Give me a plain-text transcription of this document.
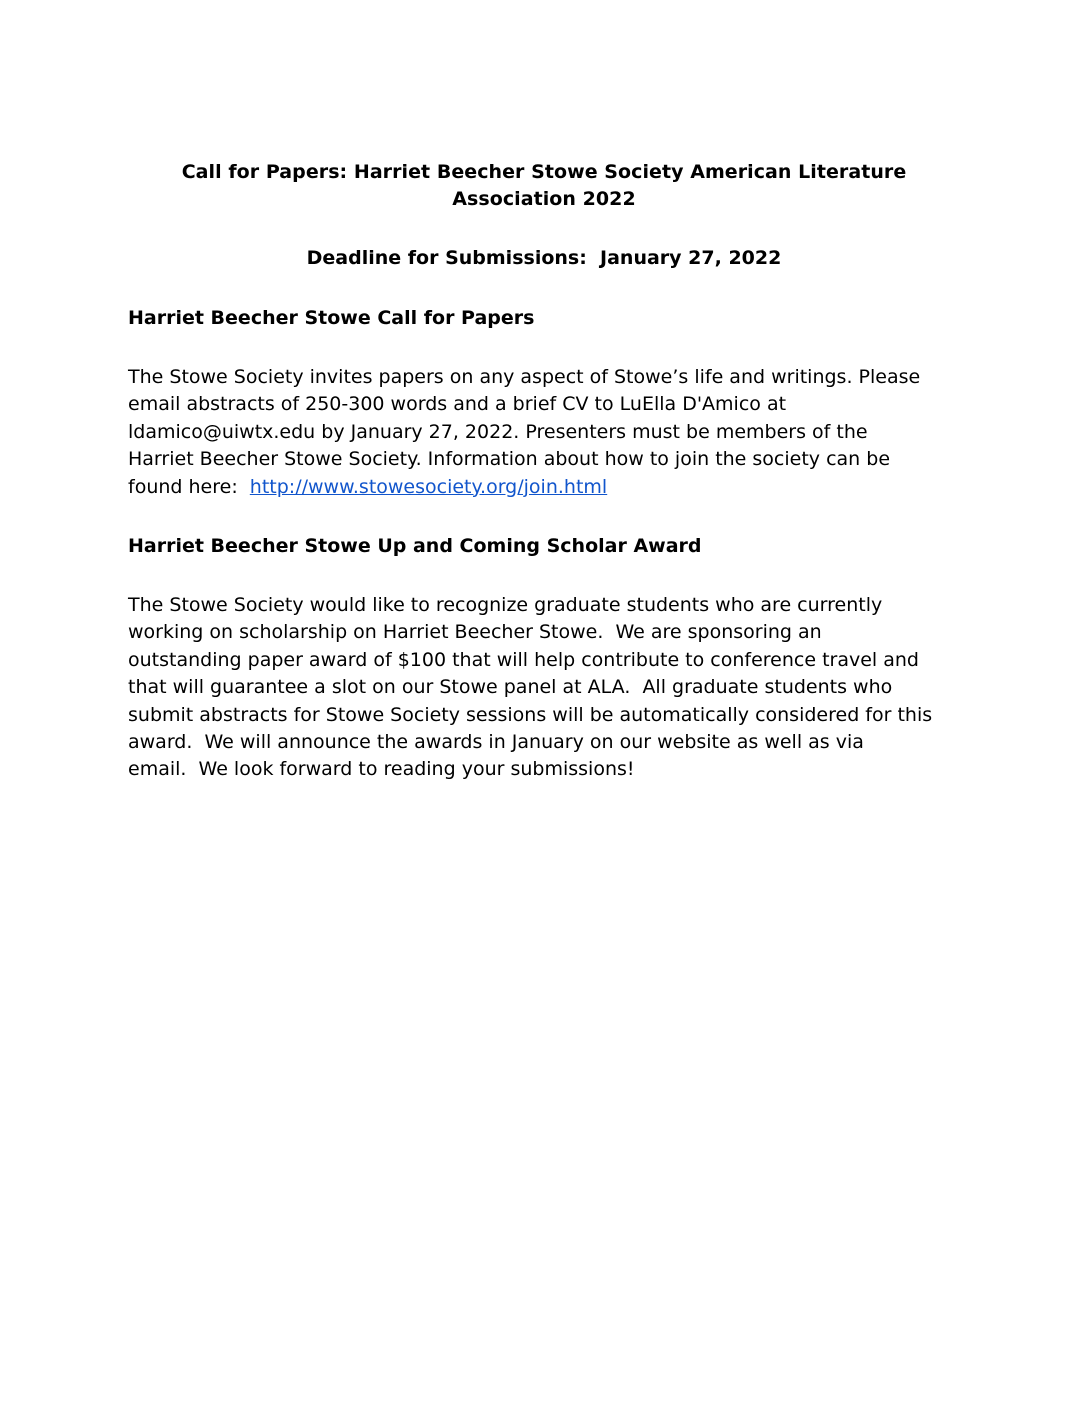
Call for Papers: Harriet Beecher Stowe Society American Literature
Association 2022
Deadline for Submissions:  January 27, 2022
Harriet Beecher Stowe Call for Papers
The Stowe Society invites papers on any aspect of Stowe’s life and writings. Please
email abstracts of 250-300 words and a brief CV to LuElla D'Amico at
ldamico@uiwtx.edu by January 27, 2022. Presenters must be members of the
Harriet Beecher Stowe Society. Information about how to join the society can be
found here:  http://www.stowesociety.org/join.html
Harriet Beecher Stowe Up and Coming Scholar Award
The Stowe Society would like to recognize graduate students who are currently
working on scholarship on Harriet Beecher Stowe.  We are sponsoring an
outstanding paper award of $100 that will help contribute to conference travel and
that will guarantee a slot on our Stowe panel at ALA.  All graduate students who
submit abstracts for Stowe Society sessions will be automatically considered for this
award.  We will announce the awards in January on our website as well as via
email.  We look forward to reading your submissions!
